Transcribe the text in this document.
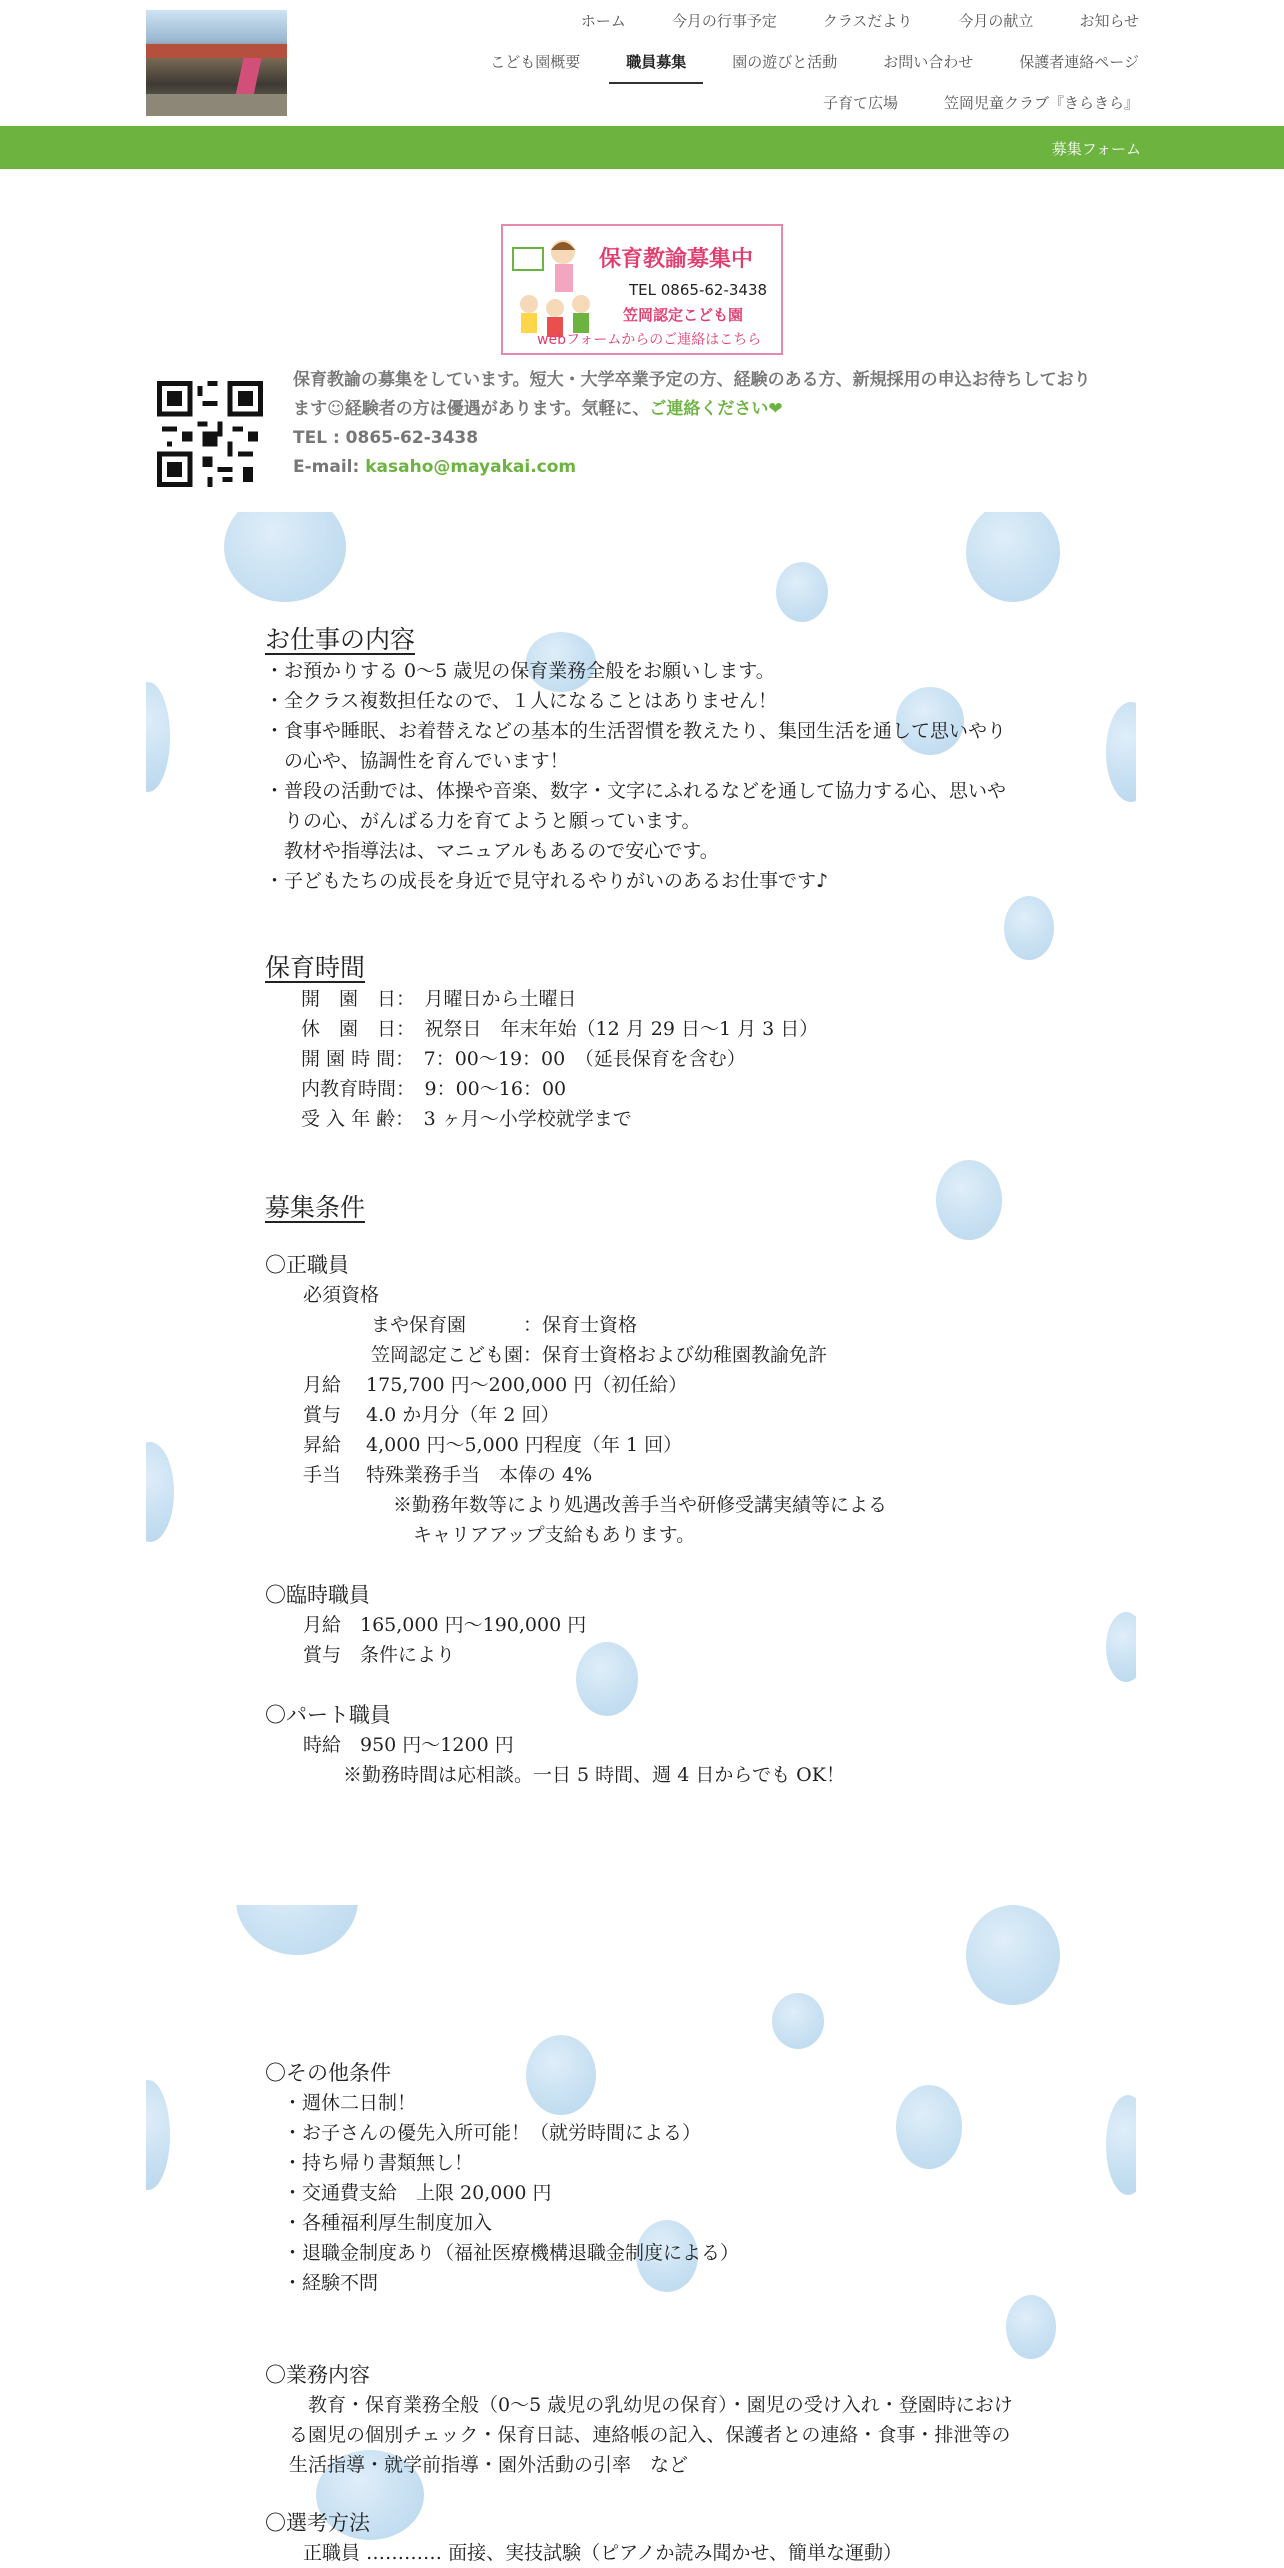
ホーム	今月の行事予定	クラスだより	今月の献立	お知らせ
こども園概要	職員募集	園の遊びと活動	お問い合わせ	保護者連絡ページ
子育て広場	笠岡児童クラブ『きらきら』
募集フォーム
保育教諭募集中
TEL 0865-62-3438
笠岡認定こども園
webフォームからのご連絡はこちら
保育教諭の募集をしています。短大・大学卒業予定の方、経験のある方、新規採用の申込お待ちしており
ます☺経験者の方は優遇があります。気軽に、ご連絡ください❤
TEL : 0865-62-3438
E-mail: kasaho@mayakai.com
お仕事の内容
・お預かりする 0～5 歳児の保育業務全般をお願いします。
・全クラス複数担任なので、１人になることはありません！
・食事や睡眠、お着替えなどの基本的生活習慣を教えたり、集団生活を通して思いやり
　の心や、協調性を育んでいます！
・普段の活動では、体操や音楽、数字・文字にふれるなどを通して協力する心、思いや
　りの心、がんばる力を育てようと願っています。
　教材や指導法は、マニュアルもあるので安心です。
・子どもたちの成長を身近で見守れるやりがいのあるお仕事です♪
保育時間
開　園　日：　月曜日から土曜日
休　園　日：　祝祭日　年末年始（12 月 29 日～1 月 3 日）
開 園 時 間：　7：00～19：00　（延長保育を含む）
内教育時間：　9：00～16：00
受 入 年 齢：　3 ヶ月～小学校就学まで
募集条件
〇正職員
必須資格
まや保育園　　　：保育士資格
笠岡認定こども園：保育士資格および幼稚園教諭免許
月給　 175,700 円～200,000 円（初任給）
賞与　 4.0 か月分（年 2 回）
昇給　 4,000 円～5,000 円程度（年 1 回）
手当　 特殊業務手当　本俸の 4%
※勤務年数等により処遇改善手当や研修受講実績等による
キャリアアップ支給もあります。
〇臨時職員
月給　165,000 円～190,000 円
賞与　条件により
〇パート職員
時給　950 円～1200 円
※勤務時間は応相談。一日 5 時間、週 4 日からでも OK！
〇その他条件
・週休二日制！
・お子さんの優先入所可能！（就労時間による）
・持ち帰り書類無し！
・交通費支給　上限 20,000 円
・各種福利厚生制度加入
・退職金制度あり（福祉医療機構退職金制度による）
・経験不問
〇業務内容
　教育・保育業務全般（0～5 歳児の乳幼児の保育）・園児の受け入れ・登園時におけ
る園児の個別チェック・保育日誌、連絡帳の記入、保護者との連絡・食事・排泄等の
生活指導・就学前指導・園外活動の引率　など
〇選考方法
正職員 ………… 面接、実技試験（ピアノか読み聞かせ、簡単な運動）
